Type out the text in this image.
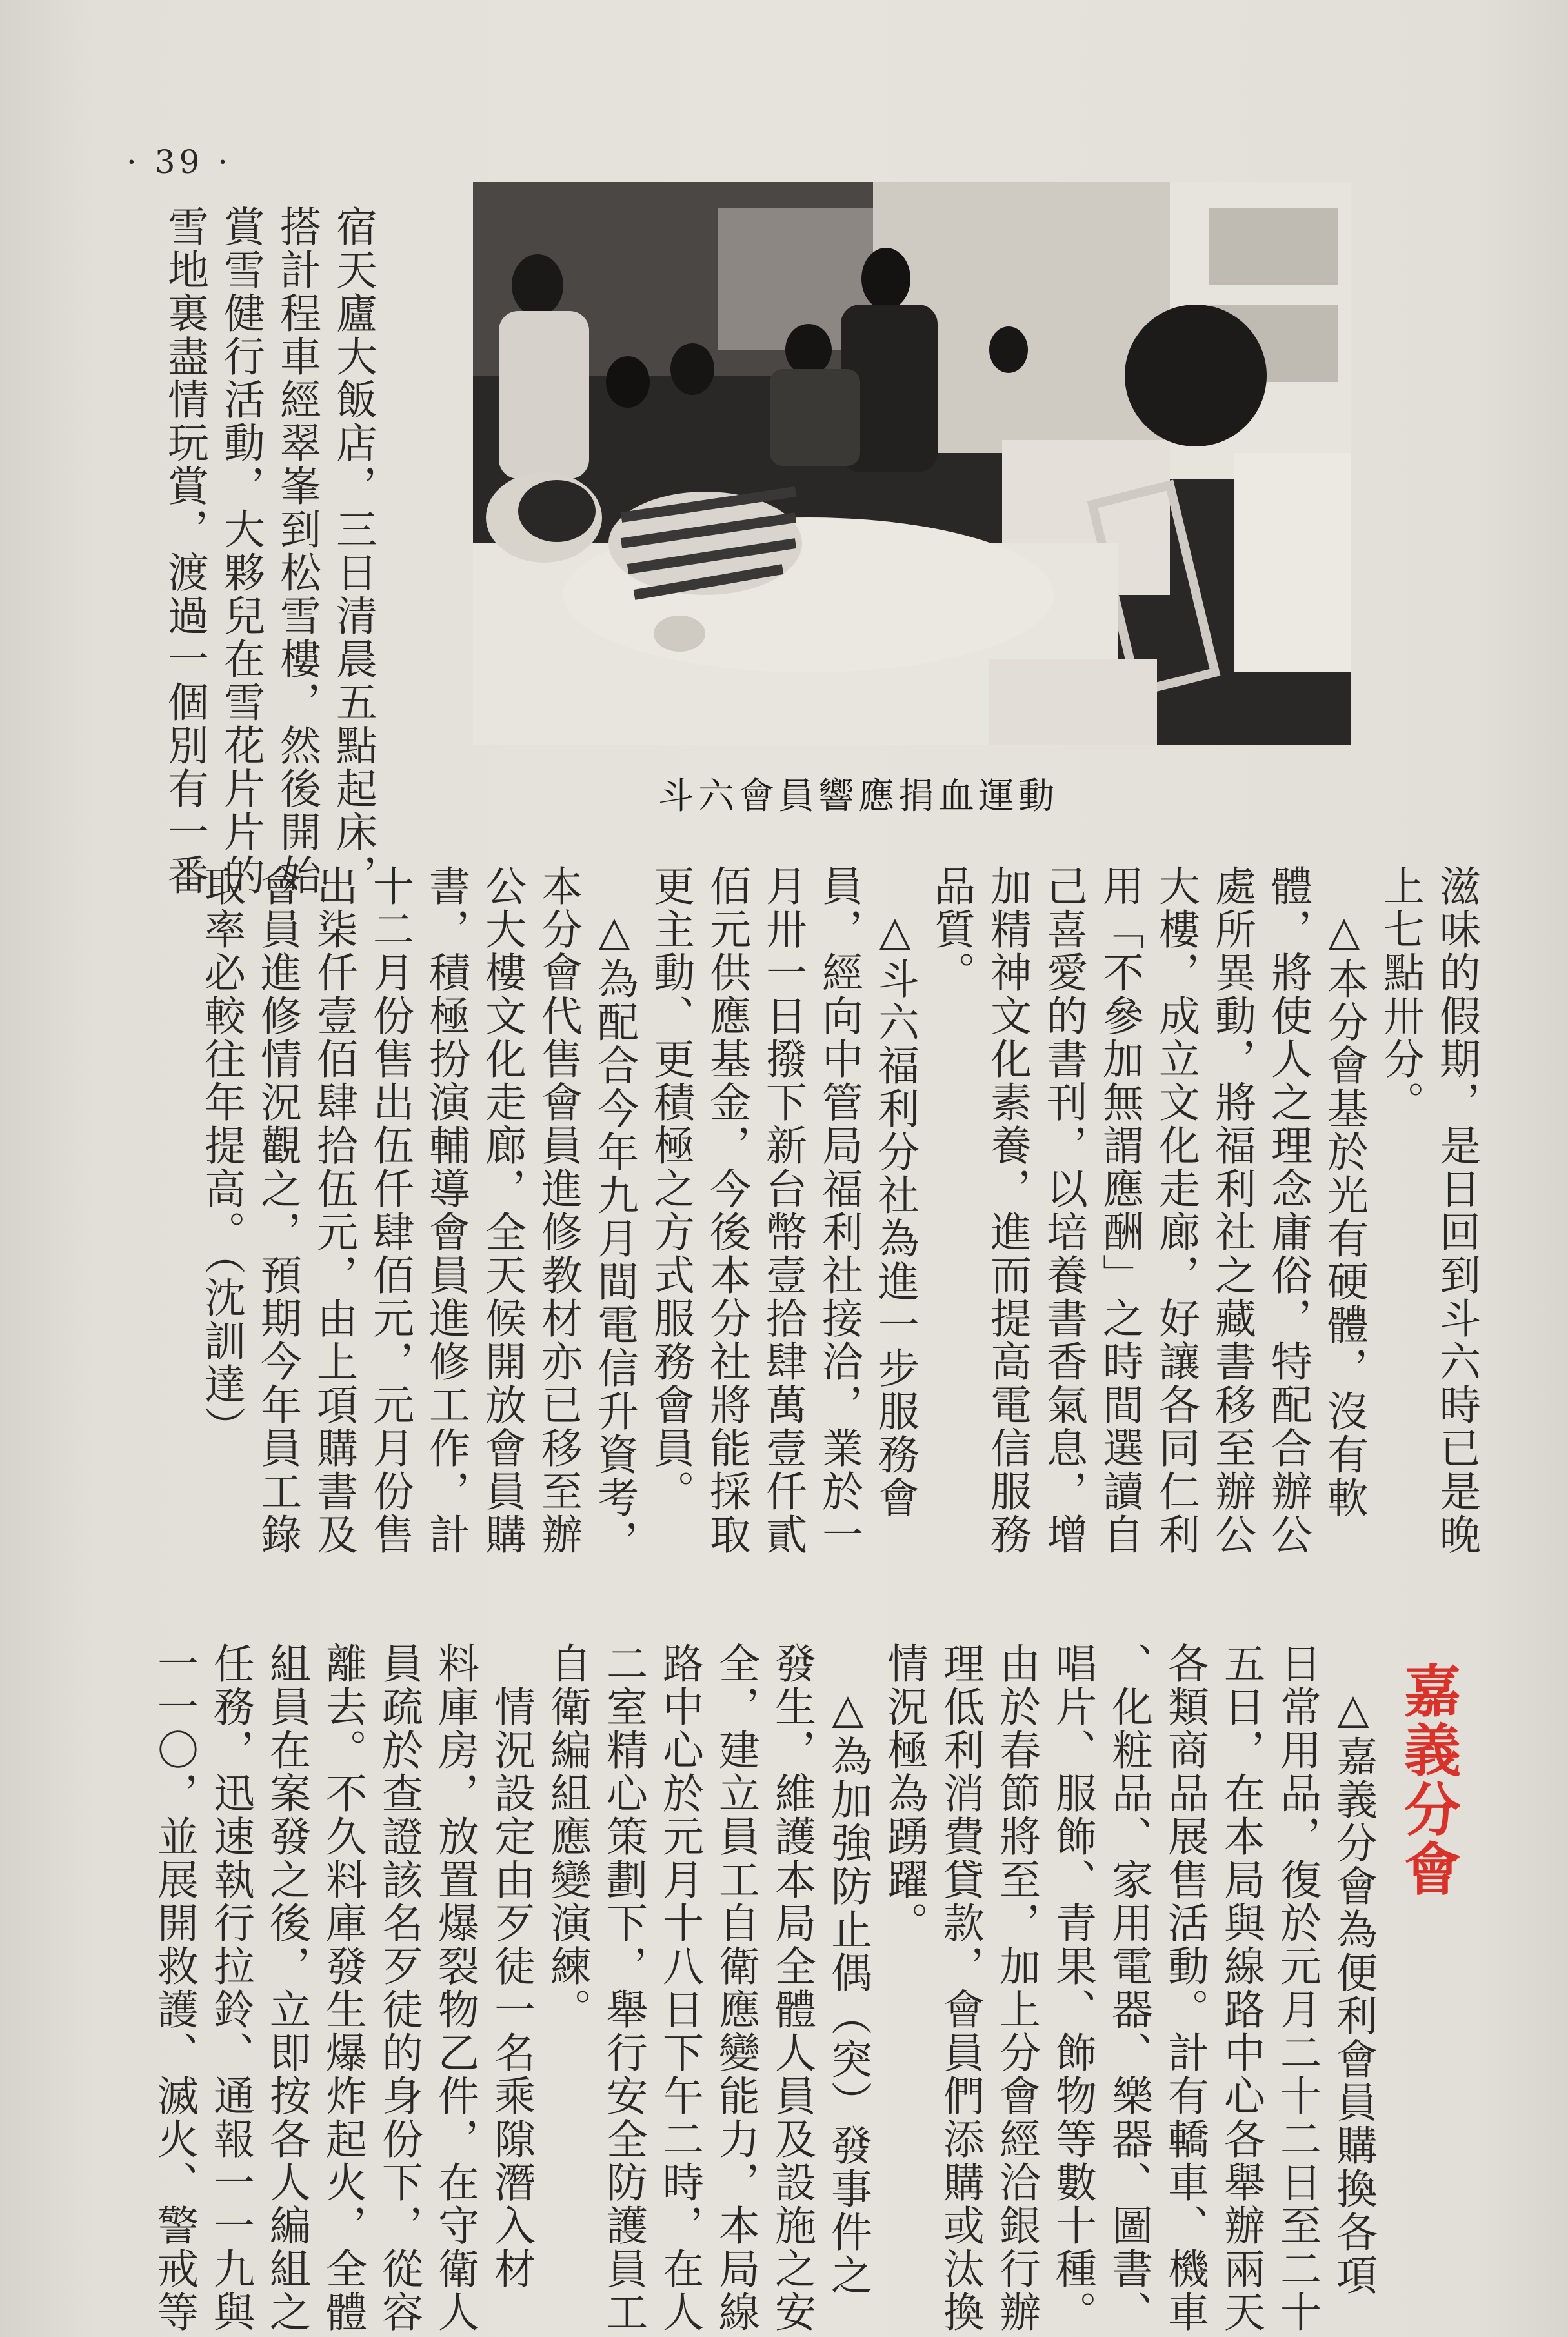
· 39 ·

宿天廬大飯店，三日清晨五點起床，

搭計程車經翠峯到松雪樓，然後開始

賞雪健行活動，大夥兒在雪花片片的

雪地裏盡情玩賞，渡過一個別有一番	斗六會員響應捐血運動

滋味的假期，是日回到斗六時已是晚

上七點卅分。

　△本分會基於光有硬體，沒有軟

體，將使人之理念庸俗，特配合辦公

處所異動，將福利社之藏書移至辦公

大樓，成立文化走廊，好讓各同仁利

用「不參加無謂應酬」之時間選讀自

己喜愛的書刊，以培養書香氣息，增

加精神文化素養，進而提高電信服務

品質。

　△斗六福利分社為進一步服務會

員，經向中管局福利社接洽，業於一

月卅一日撥下新台幣壹拾肆萬壹仟貳

佰元供應基金，今後本分社將能採取

更主動、更積極之方式服務會員。

　△為配合今年九月間電信升資考，

本分會代售會員進修教材亦已移至辦

公大樓文化走廊，全天候開放會員購

書，積極扮演輔導會員進修工作，計

十二月份售出伍仟肆佰元，元月份售

出柒仟壹佰肆拾伍元，由上項購書及

會員進修情況觀之，預期今年員工錄

取率必較往年提高。（沈訓達）

嘉義分會

　△嘉義分會為便利會員購換各項

日常用品，復於元月二十二日至二十

五日，在本局與線路中心各舉辦兩天

各類商品展售活動。計有轎車、機車

、化粧品、家用電器、樂器、圖書、

唱片、服飾、青果、飾物等數十種。

由於春節將至，加上分會經洽銀行辦

理低利消費貸款，會員們添購或汰換

情況極為踴躍。

　△為加強防止偶（突）發事件之

發生，維護本局全體人員及設施之安

全，建立員工自衛應變能力，本局線

路中心於元月十八日下午二時，在人

二室精心策劃下，舉行安全防護員工

自衛編組應變演練。

　情況設定由歹徒一名乘隙潛入材

料庫房，放置爆裂物乙件，在守衛人

員疏於查證該名歹徒的身份下，從容

離去。不久料庫發生爆炸起火，全體

組員在案發之後，立即按各人編組之

任務，迅速執行拉鈴、通報一一九與

一一〇，並展開救護、滅火、警戒等
